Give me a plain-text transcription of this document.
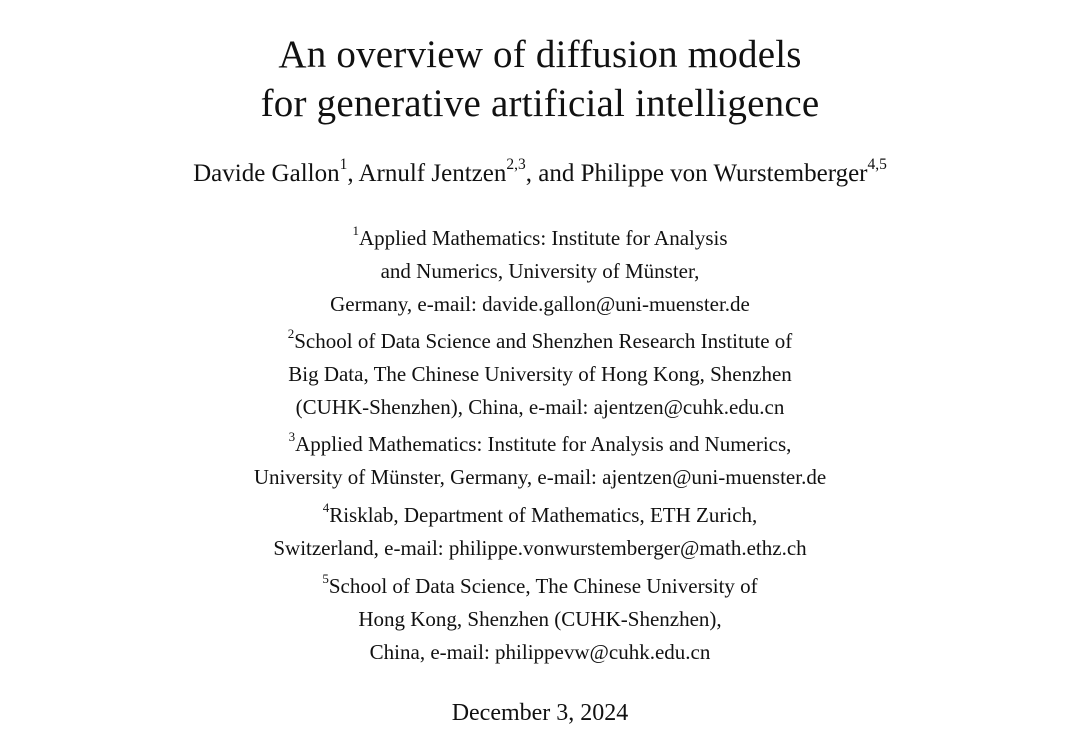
An overview of diffusion models
for generative artificial intelligence
Davide Gallon$^1$, Arnulf Jentzen$^{2,3}$, and Philippe von Wurstemberger$^{4,5}$
$^1$Applied Mathematics: Institute for Analysis
and Numerics, University of Münster,
Germany, e-mail: davide.gallon@uni-muenster.de
$^2$School of Data Science and Shenzhen Research Institute of
Big Data, The Chinese University of Hong Kong, Shenzhen
(CUHK-Shenzhen), China, e-mail: ajentzen@cuhk.edu.cn
$^3$Applied Mathematics: Institute for Analysis and Numerics,
University of Münster, Germany, e-mail: ajentzen@uni-muenster.de
$^4$Risklab, Department of Mathematics, ETH Zurich,
Switzerland, e-mail: philippe.vonwurstemberger@math.ethz.ch
$^5$School of Data Science, The Chinese University of
Hong Kong, Shenzhen (CUHK-Shenzhen),
China, e-mail: philippevw@cuhk.edu.cn
December 3, 2024
